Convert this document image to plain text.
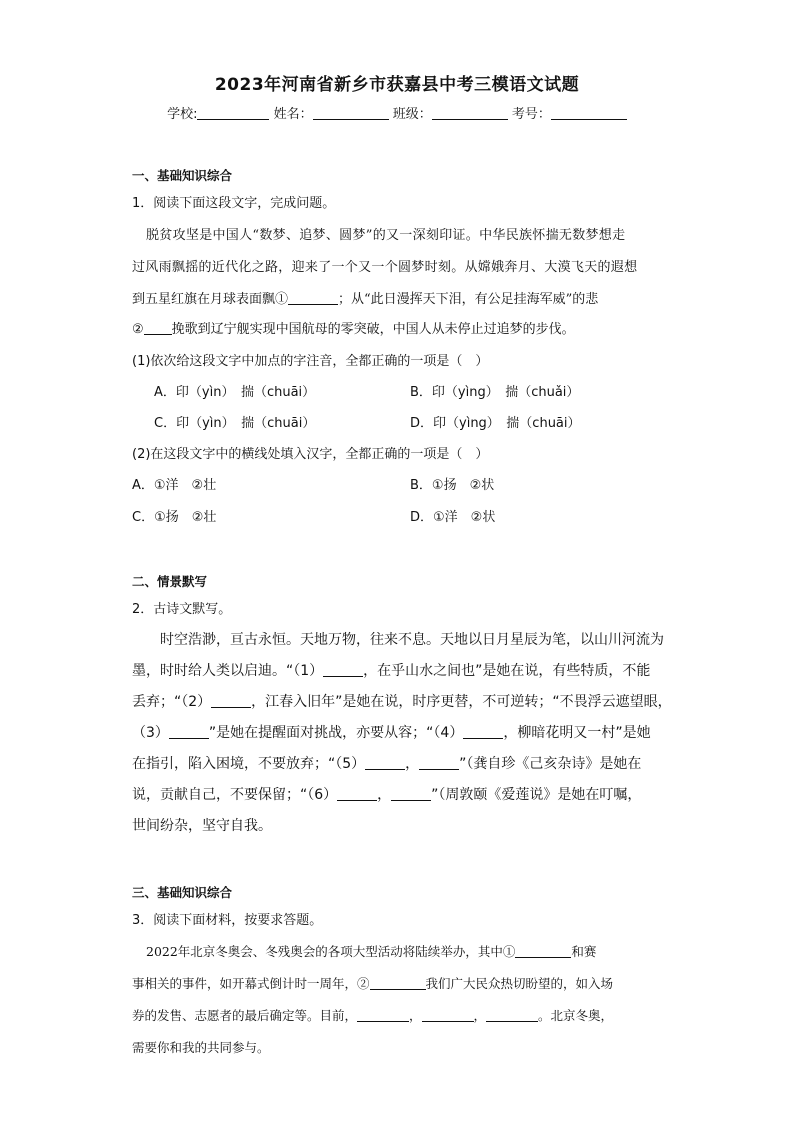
2023年河南省新乡市获嘉县中考三模语文试题
学校:	姓名：	班级：	考号：
一、基础知识综合
1．阅读下面这段文字，完成问题。
脱贫攻坚是中国人“数梦、追梦、圆梦”的又一深刻印证。中华民族怀揣无数梦想走
过风雨飘摇的近代化之路，迎来了一个又一个圆梦时刻。从嫦娥奔月、大漠飞天的遐想
到五星红旗在月球表面飘①	；从“此日漫挥天下泪，有公足挂海军威”的悲
② 挽歌到辽宁舰实现中国航母的零突破，中国人从未停止过追梦的步伐。
(1)依次给这段文字中加点的字注音，全都正确的一项是（　）
A．印（yìn）　揣（chuāi）	B．印（yìng）　揣（chuǎi）
C．印（yìn）　揣（chuāi）	D．印（yìng）　揣（chuāi）
(2)在这段文字中的横线处填入汉字，全都正确的一项是（　）
A．①洋　②壮	B．①扬　②状
C．①扬　②壮	D．①洋　②状
二、情景默写
2．古诗文默写。
时空浩渺，亘古永恒。天地万物，往来不息。天地以日月星辰为笔，以山川河流为
墨，时时给人类以启迪。“（1）	，在乎山水之间也”是她在说，有些特质，不能
丢弃；“（2）	，江春入旧年”是她在说，时序更替，不可逆转；“不畏浮云遮望眼，
（3）	”是她在提醒面对挑战，亦要从容；“（4）	，柳暗花明又一村”是她
在指引，陷入困境，不要放弃；“（5）	，	”（龚自珍《己亥杂诗》是她在
说，贡献自己，不要保留；“（6）	，	”（周敦颐《爱莲说》是她在叮嘱，
世间纷杂，坚守自我。
三、基础知识综合
3．阅读下面材料，按要求答题。
2022年北京冬奥会、冬残奥会的各项大型活动将陆续举办，其中①	和赛
事相关的事件，如开幕式倒计时一周年，②	我们广大民众热切盼望的，如入场
券的发售、志愿者的最后确定等。目前，	，	，	。北京冬奥，
需要你和我的共同参与。
